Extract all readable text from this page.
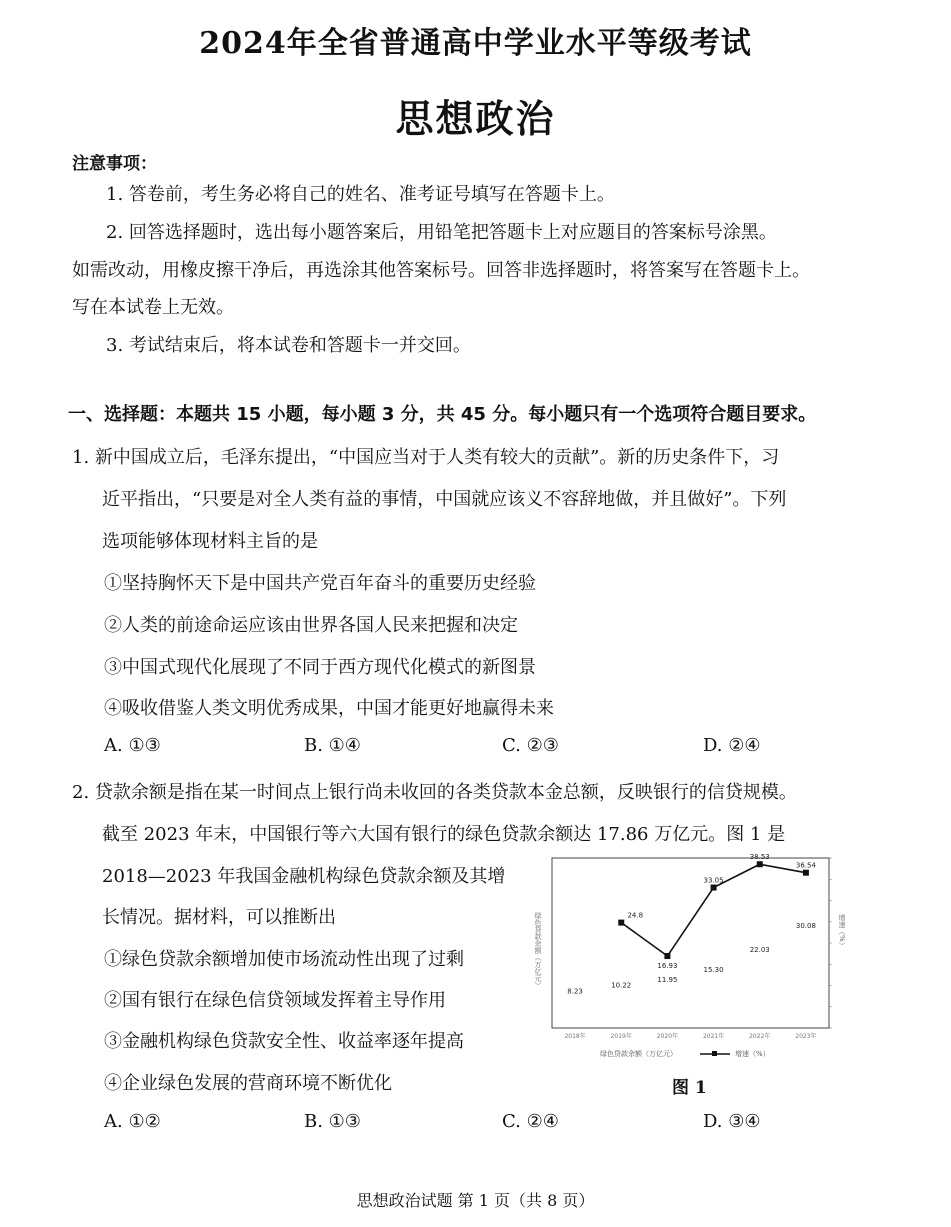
2024年全省普通高中学业水平等级考试
思想政治
注意事项：
1. 答卷前，考生务必将自己的姓名、准考证号填写在答题卡上。
2. 回答选择题时，选出每小题答案后，用铅笔把答题卡上对应题目的答案标号涂黑。
如需改动，用橡皮擦干净后，再选涂其他答案标号。回答非选择题时，将答案写在答题卡上。
写在本试卷上无效。
3. 考试结束后，将本试卷和答题卡一并交回。
一、选择题：本题共 15 小题，每小题 3 分，共 45 分。每小题只有一个选项符合题目要求。
1. 新中国成立后，毛泽东提出，“中国应当对于人类有较大的贡献”。新的历史条件下，习
近平指出，“只要是对全人类有益的事情，中国就应该义不容辞地做，并且做好”。下列
选项能够体现材料主旨的是
①坚持胸怀天下是中国共产党百年奋斗的重要历史经验
②人类的前途命运应该由世界各国人民来把握和决定
③中国式现代化展现了不同于西方现代化模式的新图景
④吸收借鉴人类文明优秀成果，中国才能更好地赢得未来
A. ①③	B. ①④	C. ②③	D. ②④
2. 贷款余额是指在某一时间点上银行尚未收回的各类贷款本金总额，反映银行的信贷规模。
截至 2023 年末，中国银行等六大国有银行的绿色贷款余额达 17.86 万亿元。图 1 是
2018—2023 年我国金融机构绿色贷款余额及其增
长情况。据材料，可以推断出
①绿色贷款余额增加使市场流动性出现了过剩
②国有银行在绿色信贷领域发挥着主导作用
③金融机构绿色贷款安全性、收益率逐年提高
④企业绿色发展的营商环境不断优化
A. ①②	B. ①③	C. ②④	D. ③④
24.8
16.93
33.05
38.53
36.54
2018年	2019年	2020年	2021年	2022年	2023年
8.23
10.22
11.95
15.30
22.03
30.08
绿色贷款余额（万亿元）	增速（%）
绿色贷款余额（万亿元）	增速（%）
图 1
思想政治试题 第 1 页（共 8 页）
